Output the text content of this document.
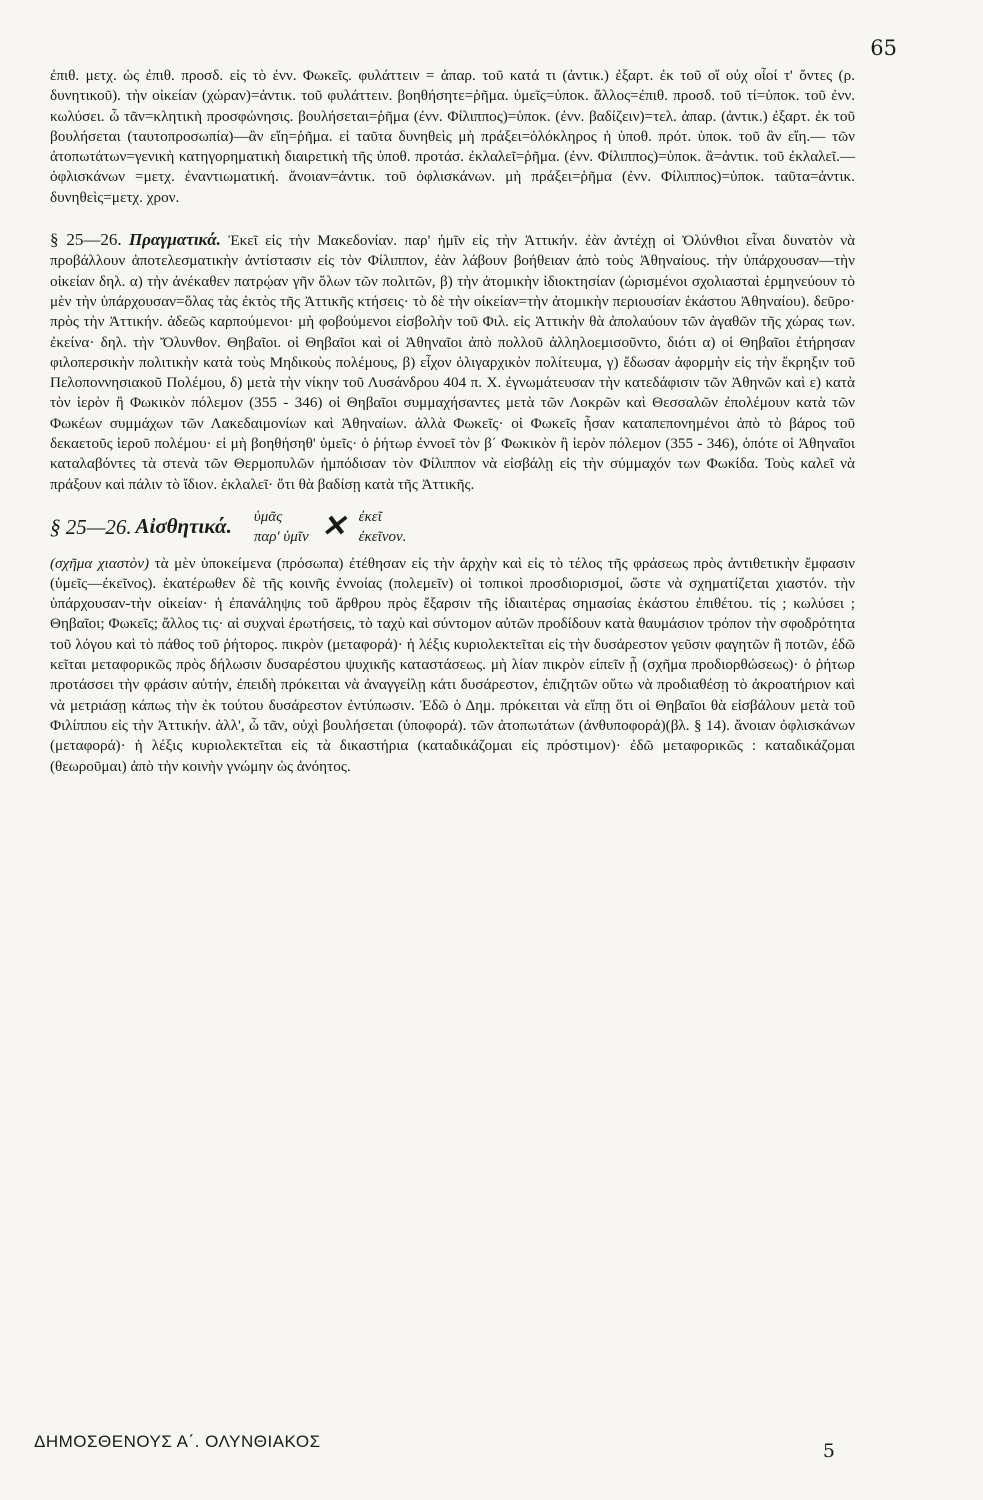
65

ἐπιθ. μετχ. ὡς ἐπιθ. προσδ. εἰς τὸ ἐνν. Φωκεῖς. φυλάττειν = ἀπαρ. τοῦ κατά τι (ἀντικ.) ἐξαρτ. ἐκ τοῦ οἵ οὐχ οἷοί τ' ὄντες (ρ. δυνητικοῦ). τὴν οἰκείαν (χώραν)=ἀντικ. τοῦ φυλάττειν. βοηθήσητε=ῥῆμα. ὑμεῖς=ὑποκ. ἄλλος=ἐπιθ. προσδ. τοῦ τί=ὑποκ. τοῦ ἐνν. κωλύσει. ὦ τᾶν=κλητικὴ προσφώνησις. βουλήσεται=ῥῆμα (ἐνν. Φίλιππος)=ὑποκ. (ἐνν. βαδίζειν)=τελ. ἀπαρ. (ἀντικ.) ἐξαρτ. ἐκ τοῦ βουλήσεται (ταυτοπροσωπία)—ἂν εἴη=ῥῆμα. εἰ ταῦτα δυνηθεὶς μὴ πράξει=ὁλόκληρος ἡ ὑποθ. πρότ. ὑποκ. τοῦ ἂν εἴη.— τῶν ἀτοπωτάτων=γενικὴ κατηγορηματικὴ διαιρετικὴ τῆς ὑποθ. προτάσ. ἐκλαλεῖ=ῥῆμα. (ἐνν. Φίλιππος)=ὑποκ. ἃ=ἀντικ. τοῦ ἐκλαλεῖ.—ὀφλισκάνων =μετχ. ἐναντιωματική. ἄνοιαν=ἀντικ. τοῦ ὀφλισκάνων. μὴ πράξει=ῥῆμα (ἐνν. Φίλιππος)=ὑποκ. ταῦτα=ἀντικ. δυνηθεὶς=μετχ. χρον.

§ 25—26. Πραγματικά. Ἐκεῖ εἰς τὴν Μακεδονίαν. παρ' ἡμῖν εἰς τὴν Ἀττικήν. ἐὰν ἀντέχῃ οἱ Ὀλύνθιοι εἶναι δυνατὸν νὰ προβάλλουν ἀποτελεσματικὴν ἀντίστασιν εἰς τὸν Φίλιππον, ἐὰν λάβουν βοήθειαν ἀπὸ τοὺς Ἀθηναίους. τὴν ὑπάρχουσαν—τὴν οἰκείαν δηλ. α) τὴν ἀνέκαθεν πατρῴαν γῆν ὅλων τῶν πολιτῶν, β) τὴν ἀτομικὴν ἰδιοκτησίαν (ὡρισμένοι σχολιασταὶ ἑρμηνεύουν τὸ μὲν τὴν ὑπάρχουσαν=ὅλας τὰς ἐκτὸς τῆς Ἀττικῆς κτήσεις· τὸ δὲ τὴν οἰκείαν=τὴν ἀτομικὴν περιουσίαν ἑκάστου Ἀθηναίου). δεῦρο· πρὸς τὴν Ἀττικήν. ἀδεῶς καρπούμενοι· μὴ φοβούμενοι εἰσβολὴν τοῦ Φιλ. εἰς Ἀττικὴν θὰ ἀπολαύουν τῶν ἀγαθῶν τῆς χώρας των. ἐκείνα· δηλ. τὴν Ὄλυνθον. Θηβαῖοι. οἱ Θηβαῖοι καὶ οἱ Ἀθηναῖοι ἀπὸ πολλοῦ ἀλληλοεμισοῦντο, διότι α) οἱ Θηβαῖοι ἐτήρησαν φιλοπερσικὴν πολιτικὴν κατὰ τοὺς Μηδικοὺς πολέμους, β) εἶχον ὀλιγαρχικὸν πολίτευμα, γ) ἔδωσαν ἀφορμὴν εἰς τὴν ἔκρηξιν τοῦ Πελοποννησιακοῦ Πολέμου, δ) μετὰ τὴν νίκην τοῦ Λυσάνδρου 404 π. Χ. ἐγνωμάτευσαν τὴν κατεδάφισιν τῶν Ἀθηνῶν καὶ ε) κατὰ τὸν ἱερὸν ἢ Φωκικὸν πόλεμον (355 - 346) οἱ Θηβαῖοι συμμαχήσαντες μετὰ τῶν Λοκρῶν καὶ Θεσσαλῶν ἐπολέμουν κατὰ τῶν Φωκέων συμμάχων τῶν Λακεδαιμονίων καὶ Ἀθηναίων. ἀλλὰ Φωκεῖς· οἱ Φωκεῖς ἦσαν καταπεπονημένοι ἀπὸ τὸ βάρος τοῦ δεκαετοῦς ἱεροῦ πολέμου· εἰ μὴ βοηθήσηθ' ὑμεῖς· ὁ ῥήτωρ ἐννοεῖ τὸν β΄ Φωκικὸν ἢ ἱερὸν πόλεμον (355 - 346), ὁπότε οἱ Ἀθηναῖοι καταλαβόντες τὰ στενὰ τῶν Θερμοπυλῶν ἠμπόδισαν τὸν Φίλιππον νὰ εἰσβάλῃ εἰς τὴν σύμμαχόν των Φωκίδα. Τοὺς καλεῖ νὰ πράξουν καὶ πάλιν τὸ ἴδιον. ἐκλαλεῖ· ὅτι θὰ βαδίσῃ κατὰ τῆς Ἀττικῆς.

§ 25—26.
Αἰσθητικά. ὑμᾶς	✕ ἐκεῖ
παρ' ὑμῖν	ἐκεῖνον.

(σχῆμα χιαστὸν) τὰ μὲν ὑποκείμενα (πρόσωπα) ἐτέθησαν εἰς τὴν ἀρχὴν καὶ εἰς τὸ τέλος τῆς φράσεως πρὸς ἀντιθετικὴν ἔμφασιν (ὑμεῖς—ἐκεῖνος). ἑκατέρωθεν δὲ τῆς κοινῆς ἐννοίας (πολεμεῖν) οἱ τοπικοὶ προσδιορισμοί, ὥστε νὰ σχηματίζεται χιαστόν. τὴν ὑπάρχουσαν-τὴν οἰκείαν· ἡ ἐπανάληψις τοῦ ἄρθρου πρὸς ἔξαρσιν τῆς ἰδιαιτέρας σημασίας ἑκάστου ἐπιθέτου. τίς ; κωλύσει ; Θηβαῖοι; Φωκεῖς; ἄλλος τις· αἱ συχναὶ ἐρωτήσεις, τὸ ταχὺ καὶ σύντομον αὐτῶν προδίδουν κατὰ θαυμάσιον τρόπον τὴν σφοδρότητα τοῦ λόγου καὶ τὸ πάθος τοῦ ῥήτορος. πικρὸν (μεταφορά)· ἡ λέξις κυριολεκτεῖται εἰς τὴν δυσάρεστον γεῦσιν φαγητῶν ἢ ποτῶν, ἐδῶ κεῖται μεταφορικῶς πρὸς δήλωσιν δυσαρέστου ψυχικῆς καταστάσεως. μὴ λίαν πικρὸν εἰπεῖν ᾖ (σχῆμα προδιορθώσεως)· ὁ ῥήτωρ προτάσσει τὴν φράσιν αὐτήν, ἐπειδὴ πρόκειται νὰ ἀναγγείλῃ κάτι δυσάρεστον, ἐπιζητῶν οὕτω νὰ προδιαθέσῃ τὸ ἀκροατήριον καὶ νὰ μετριάσῃ κάπως τὴν ἐκ τούτου δυσάρεστον ἐντύπωσιν. Ἐδῶ ὁ Δημ. πρόκειται νὰ εἴπῃ ὅτι οἱ Θηβαῖοι θὰ εἰσβάλουν μετὰ τοῦ Φιλίππου εἰς τὴν Ἀττικήν. ἀλλ', ὦ τᾶν, οὐχὶ βουλήσεται (ὑποφορά). τῶν ἀτοπωτάτων (ἀνθυποφορά)(βλ. § 14). ἄνοιαν ὀφλισκάνων (μεταφορά)· ἡ λέξις κυριολεκτεῖται εἰς τὰ δικαστήρια (καταδικάζομαι εἰς πρόστιμον)· ἐδῶ μεταφορικῶς : καταδικάζομαι (θεωροῦμαι) ἀπὸ τὴν κοινὴν γνώμην ὡς ἀνόητος.

ΔΗΜΟΣΘΕΝΟΥΣ Α΄. ΟΛΥΝΘΙΑΚΟΣ	5
